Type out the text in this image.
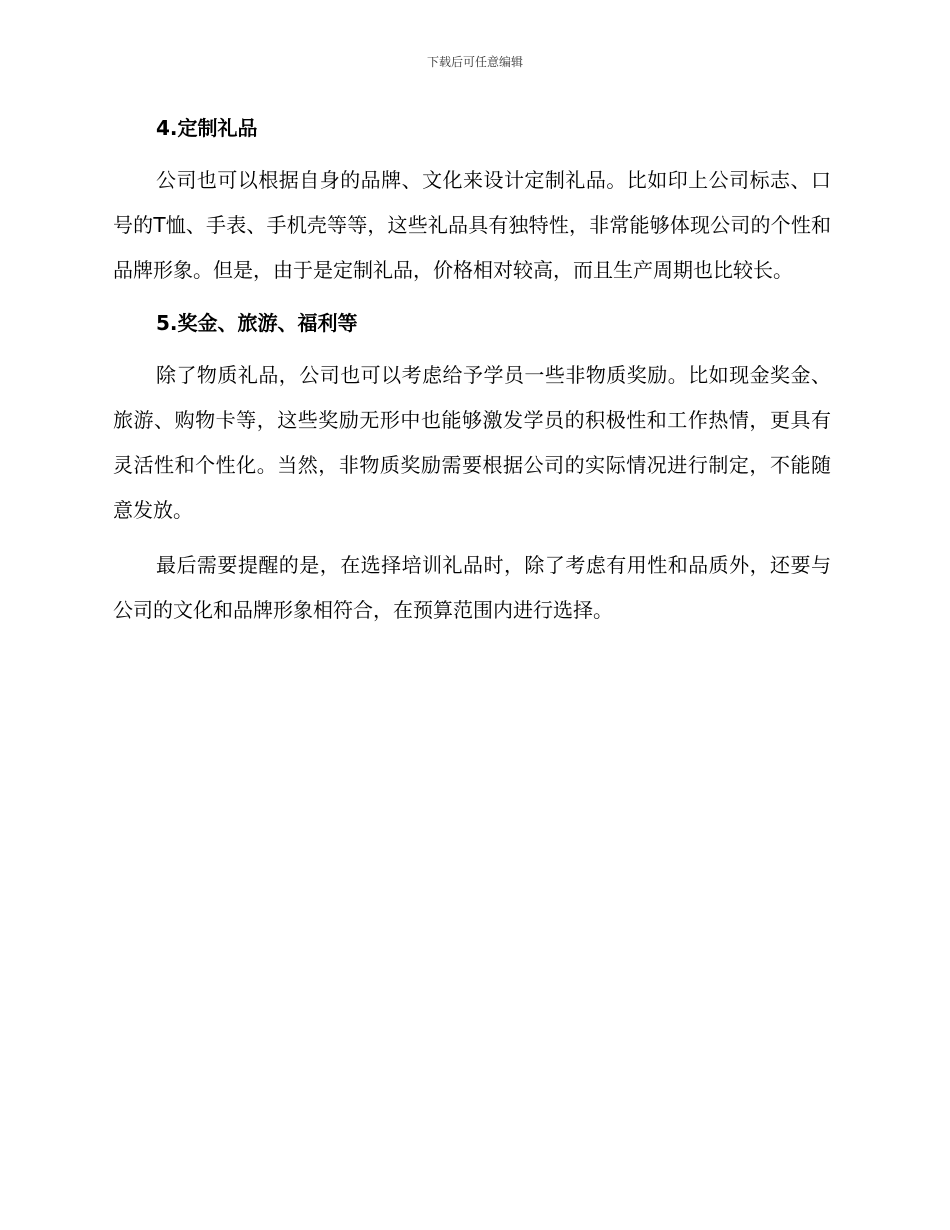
下载后可任意编辑
4.定制礼品

公司也可以根据自身的品牌、文化来设计定制礼品。比如印上公司标志、口号的T恤、手表、手机壳等等，这些礼品具有独特性，非常能够体现公司的个性和品牌形象。但是，由于是定制礼品，价格相对较高，而且生产周期也比较长。

5.奖金、旅游、福利等

除了物质礼品，公司也可以考虑给予学员一些非物质奖励。比如现金奖金、旅游、购物卡等，这些奖励无形中也能够激发学员的积极性和工作热情，更具有灵活性和个性化。当然，非物质奖励需要根据公司的实际情况进行制定，不能随意发放。

最后需要提醒的是，在选择培训礼品时，除了考虑有用性和品质外，还要与公司的文化和品牌形象相符合，在预算范围内进行选择。
